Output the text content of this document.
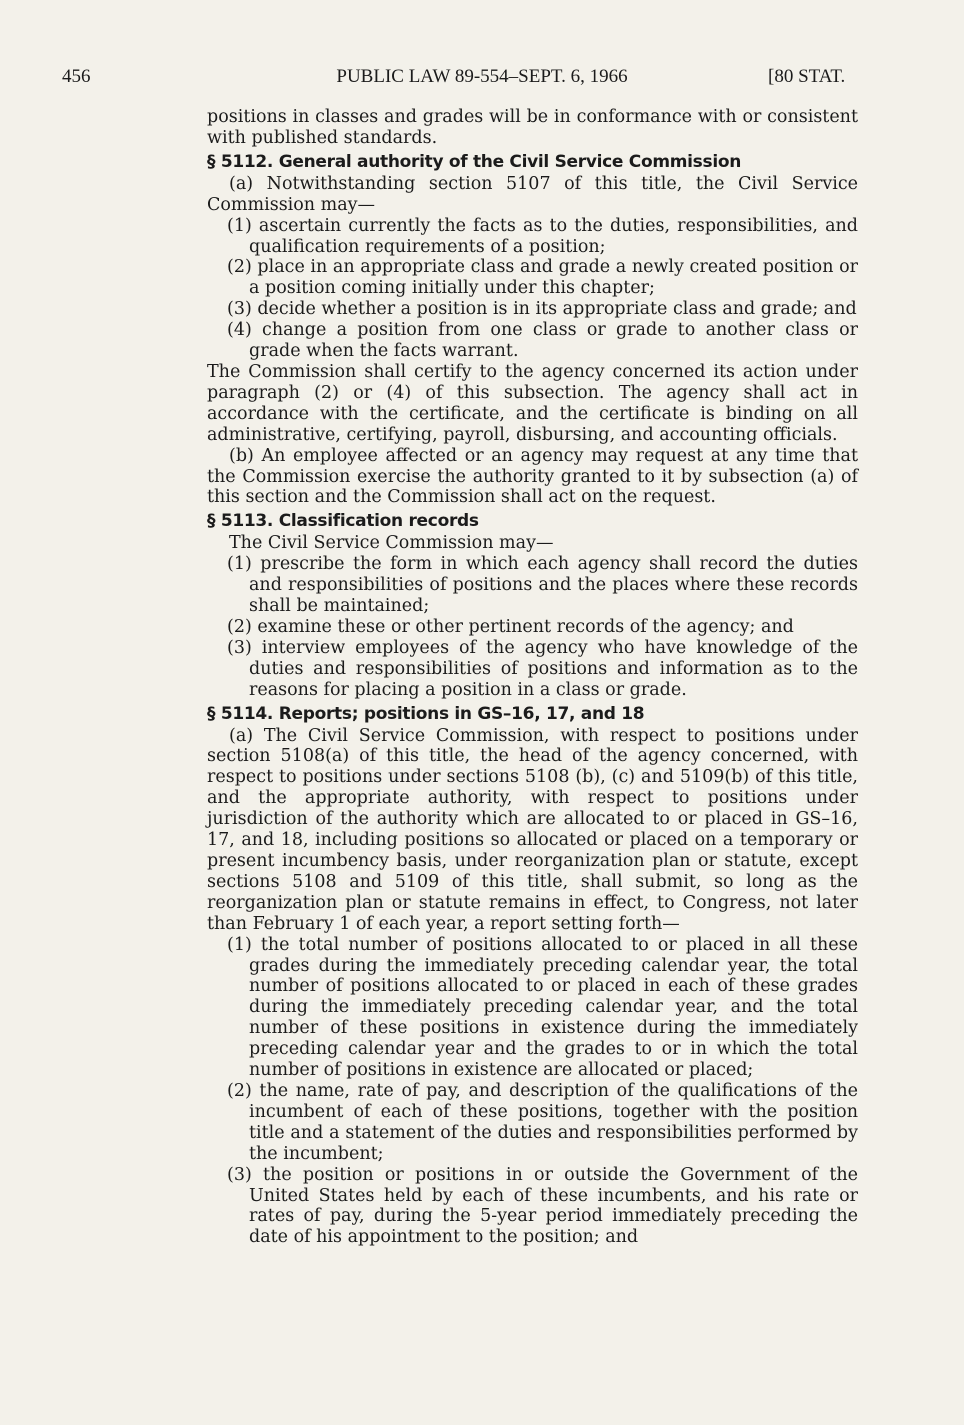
456	PUBLIC LAW 89-554–SEPT. 6, 1966	[80 STAT.

positions in classes and grades will be in conformance with or consistent with published standards.

§ 5112. General authority of the Civil Service Commission

(a) Notwithstanding section 5107 of this title, the Civil Service Commission may—

(1) ascertain currently the facts as to the duties, responsibilities, and qualification requirements of a position;

(2) place in an appropriate class and grade a newly created position or a position coming initially under this chapter;

(3) decide whether a position is in its appropriate class and grade; and

(4) change a position from one class or grade to another class or grade when the facts warrant.

The Commission shall certify to the agency concerned its action under paragraph (2) or (4) of this subsection. The agency shall act in accordance with the certificate, and the certificate is binding on all administrative, certifying, payroll, disbursing, and accounting officials.

(b) An employee affected or an agency may request at any time that the Commission exercise the authority granted to it by subsection (a) of this section and the Commission shall act on the request.

§ 5113. Classification records

The Civil Service Commission may—

(1) prescribe the form in which each agency shall record the duties and responsibilities of positions and the places where these records shall be maintained;

(2) examine these or other pertinent records of the agency; and

(3) interview employees of the agency who have knowledge of the duties and responsibilities of positions and information as to the reasons for placing a position in a class or grade.

§ 5114. Reports; positions in GS–16, 17, and 18

(a) The Civil Service Commission, with respect to positions under section 5108(a) of this title, the head of the agency concerned, with respect to positions under sections 5108 (b), (c) and 5109(b) of this title, and the appropriate authority, with respect to positions under jurisdiction of the authority which are allocated to or placed in GS–16, 17, and 18, including positions so allocated or placed on a temporary or present incumbency basis, under reorganization plan or statute, except sections 5108 and 5109 of this title, shall submit, so long as the reorganization plan or statute remains in effect, to Congress, not later than February 1 of each year, a report setting forth—

(1) the total number of positions allocated to or placed in all these grades during the immediately preceding calendar year, the total number of positions allocated to or placed in each of these grades during the immediately preceding calendar year, and the total number of these positions in existence during the immediately preceding calendar year and the grades to or in which the total number of positions in existence are allocated or placed;

(2) the name, rate of pay, and description of the qualifications of the incumbent of each of these positions, together with the position title and a statement of the duties and responsibilities performed by the incumbent;

(3) the position or positions in or outside the Government of the United States held by each of these incumbents, and his rate or rates of pay, during the 5-year period immediately preceding the date of his appointment to the position; and
